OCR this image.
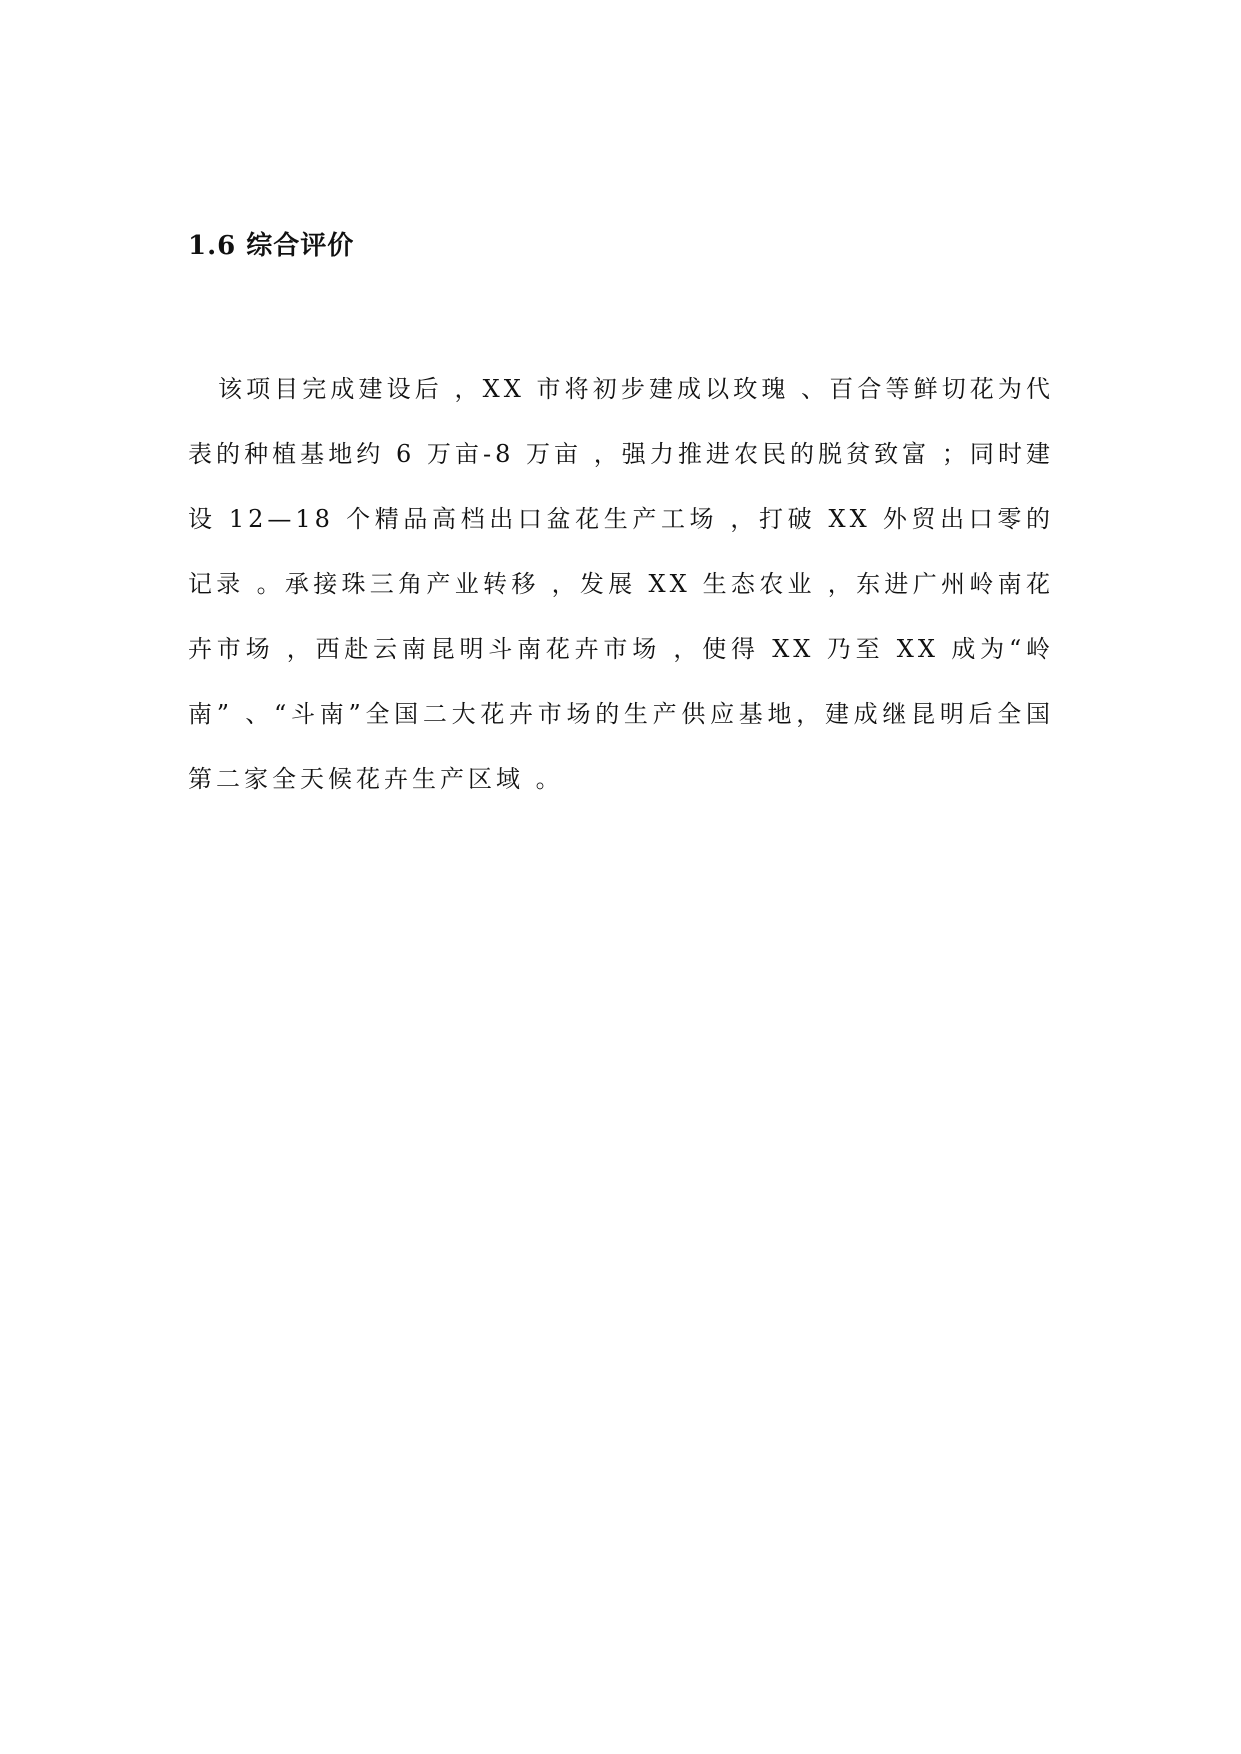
1.6 综合评价

该项目完成建设后 ，XX 市将初步建成以玫瑰 、百合等鲜切花为代表的种植基地约 6 万亩-8 万亩 ，强力推进农民的脱贫致富 ；同时建设 12—18 个精品高档出口盆花生产工场 ，打破 XX 外贸出口零的记录 。承接珠三角产业转移 ，发展 XX 生态农业 ，东进广州岭南花卉市场 ，西赴云南昆明斗南花卉市场 ，使得 XX 乃至 XX 成为“岭南” 、“斗南”全国二大花卉市场的生产供应基地，建成继昆明后全国第二家全天候花卉生产区域 。
